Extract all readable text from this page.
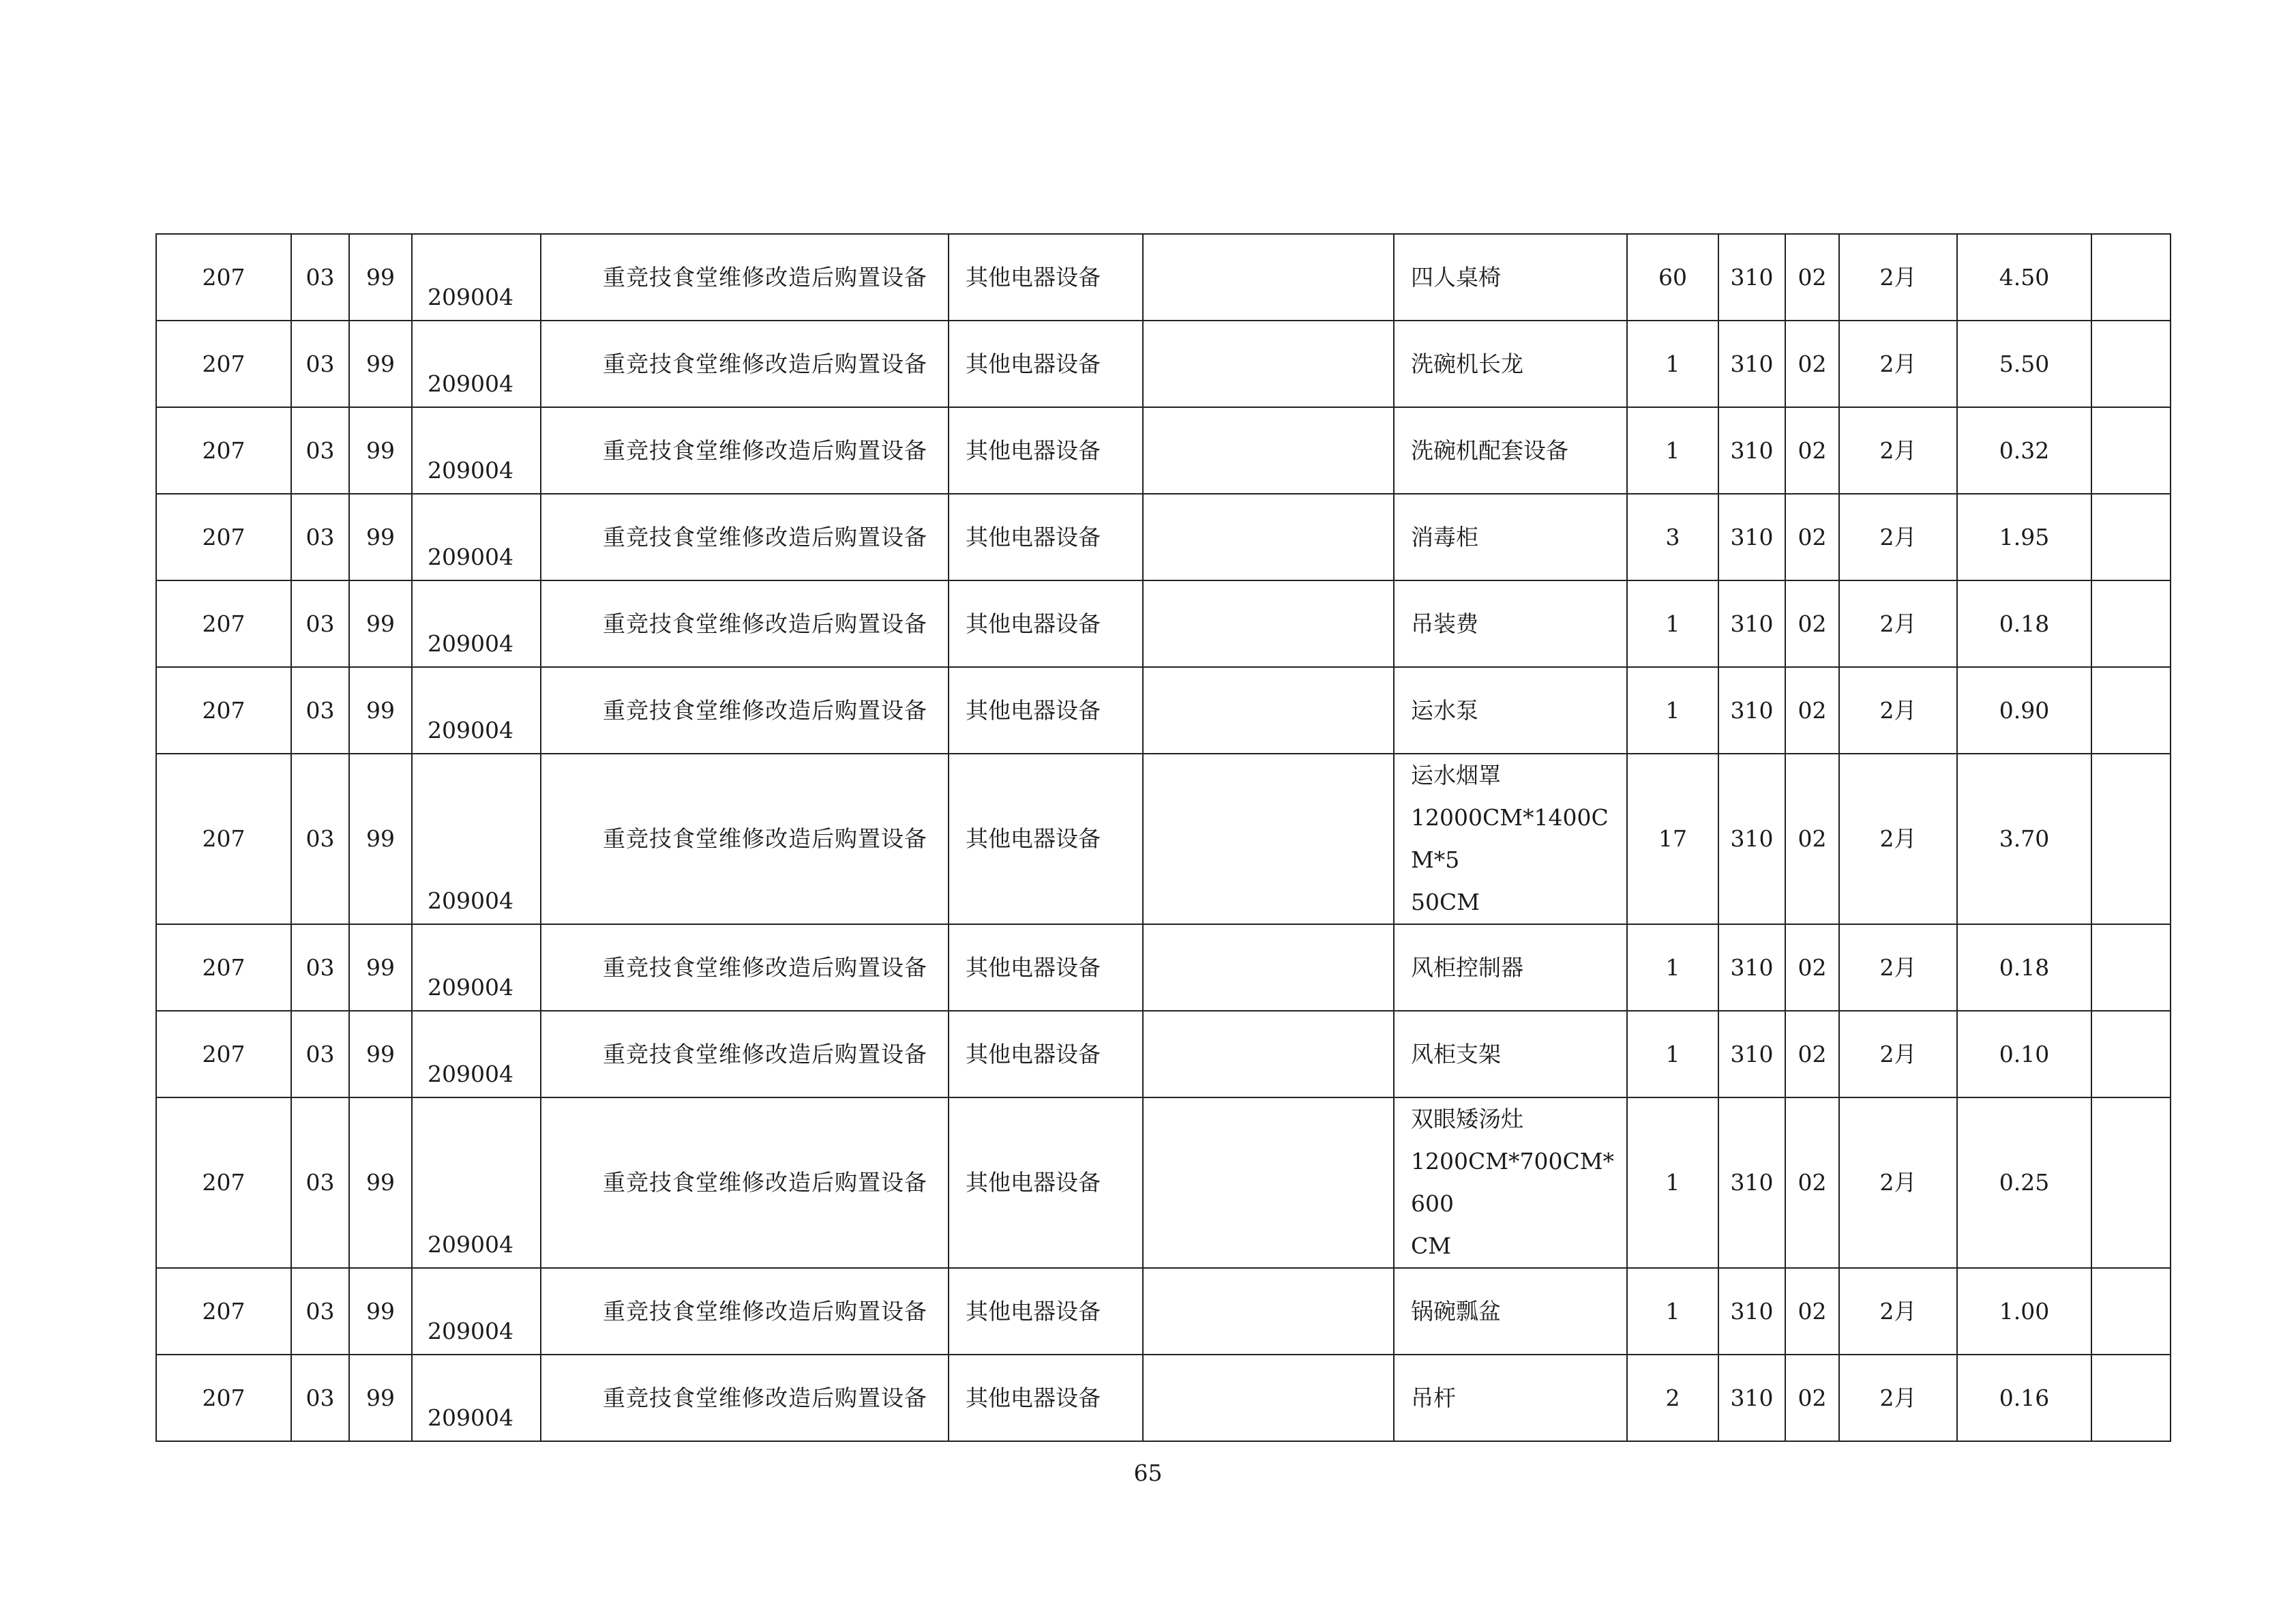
207	03	99	209004	重竞技食堂维修改造后购置设备	其他电器设备		四人桌椅	60	310	02	2月	4.50	
207	03	99	209004	重竞技食堂维修改造后购置设备	其他电器设备		洗碗机长龙	1	310	02	2月	5.50	
207	03	99	209004	重竞技食堂维修改造后购置设备	其他电器设备		洗碗机配套设备	1	310	02	2月	0.32	
207	03	99	209004	重竞技食堂维修改造后购置设备	其他电器设备		消毒柜	3	310	02	2月	1.95	
207	03	99	209004	重竞技食堂维修改造后购置设备	其他电器设备		吊装费	1	310	02	2月	0.18	
207	03	99	209004	重竞技食堂维修改造后购置设备	其他电器设备		运水泵	1	310	02	2月	0.90	
207	03	99	209004	重竞技食堂维修改造后购置设备	其他电器设备		运水烟罩
12000CM*1400CM*5
50CM	17	310	02	2月	3.70	
207	03	99	209004	重竞技食堂维修改造后购置设备	其他电器设备		风柜控制器	1	310	02	2月	0.18	
207	03	99	209004	重竞技食堂维修改造后购置设备	其他电器设备		风柜支架	1	310	02	2月	0.10	
207	03	99	209004	重竞技食堂维修改造后购置设备	其他电器设备		双眼矮汤灶
1200CM*700CM*600
CM	1	310	02	2月	0.25	
207	03	99	209004	重竞技食堂维修改造后购置设备	其他电器设备		锅碗瓢盆	1	310	02	2月	1.00	
207	03	99	209004	重竞技食堂维修改造后购置设备	其他电器设备		吊杆	2	310	02	2月	0.16	
65
